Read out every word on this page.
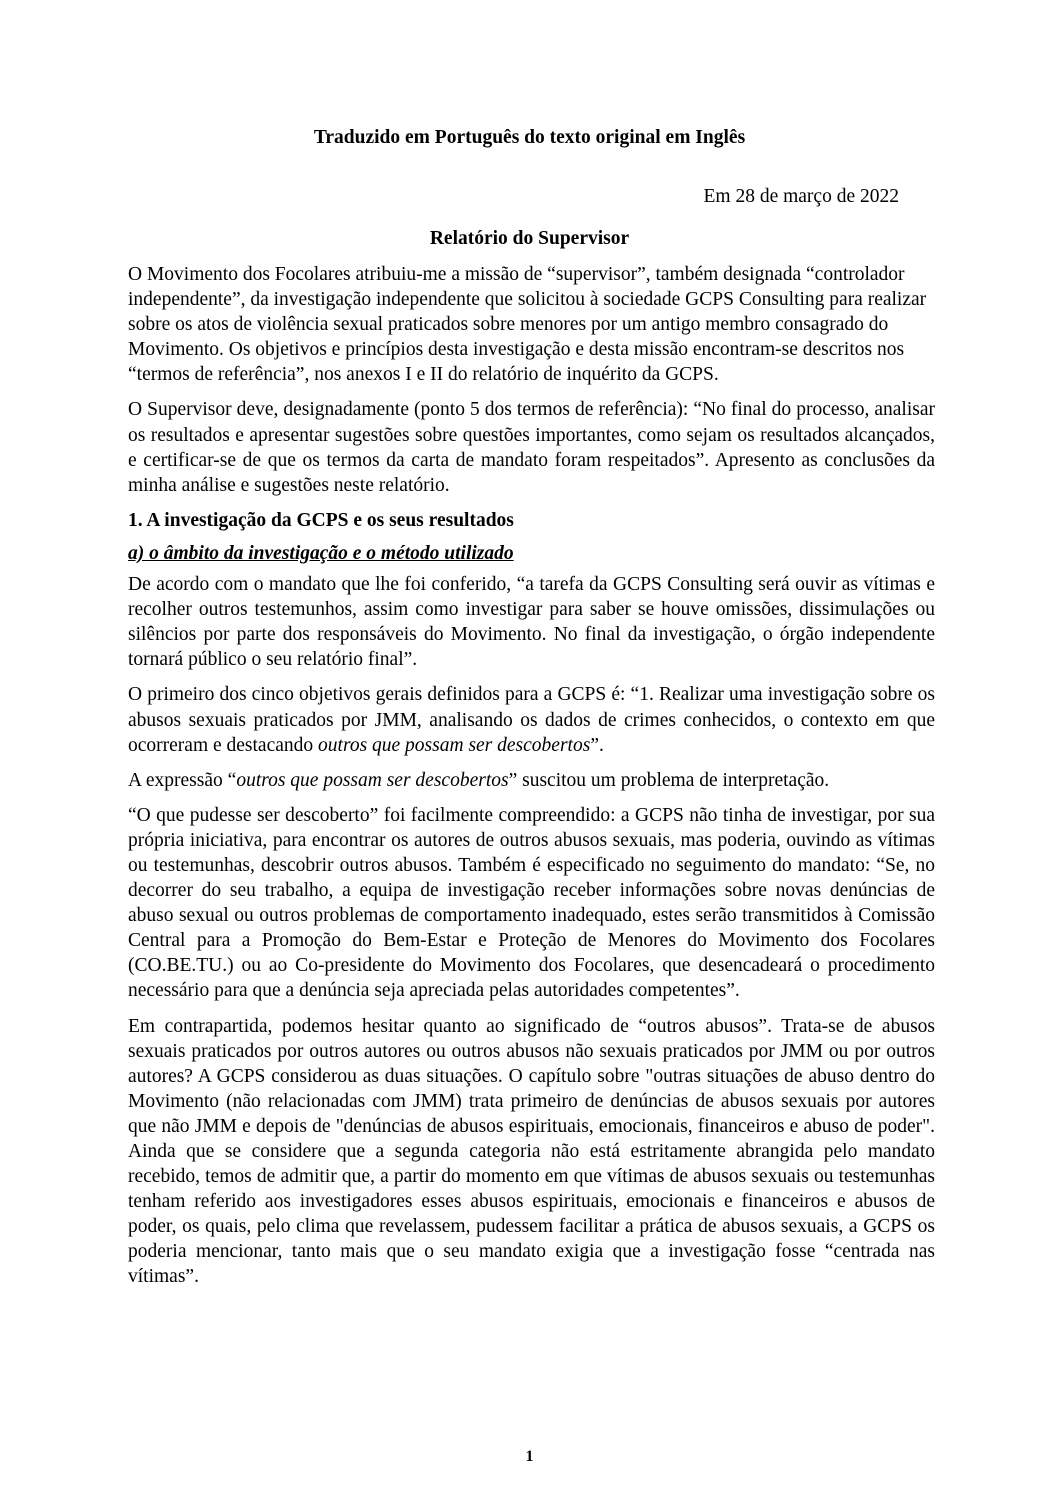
Traduzido em Português do texto original em Inglês

Em 28 de março de 2022

Relatório do Supervisor

O Movimento dos Focolares atribuiu-me a missão de “supervisor”, também designada “controlador independente”, da investigação independente que solicitou à sociedade GCPS Consulting para realizar sobre os atos de violência sexual praticados sobre menores por um antigo membro consagrado do Movimento. Os objetivos e princípios desta investigação e desta missão encontram-se descritos nos “termos de referência”, nos anexos I e II do relatório de inquérito da GCPS.

O Supervisor deve, designadamente (ponto 5 dos termos de referência): “No final do processo, analisar os resultados e apresentar sugestões sobre questões importantes, como sejam os resultados alcançados, e certificar-se de que os termos da carta de mandato foram respeitados”. Apresento as conclusões da minha análise e sugestões neste relatório.

1. A investigação da GCPS e os seus resultados
a) o âmbito da investigação e o método utilizado

De acordo com o mandato que lhe foi conferido, “a tarefa da GCPS Consulting será ouvir as vítimas e recolher outros testemunhos, assim como investigar para saber se houve omissões, dissimulações ou silêncios por parte dos responsáveis do Movimento. No final da investigação, o órgão independente tornará público o seu relatório final”.

O primeiro dos cinco objetivos gerais definidos para a GCPS é: “1. Realizar uma investigação sobre os abusos sexuais praticados por JMM, analisando os dados de crimes conhecidos, o contexto em que ocorreram e destacando outros que possam ser descobertos”.

A expressão “outros que possam ser descobertos” suscitou um problema de interpretação.

“O que pudesse ser descoberto” foi facilmente compreendido: a GCPS não tinha de investigar, por sua própria iniciativa, para encontrar os autores de outros abusos sexuais, mas poderia, ouvindo as vítimas ou testemunhas, descobrir outros abusos. Também é especificado no seguimento do mandato: “Se, no decorrer do seu trabalho, a equipa de investigação receber informações sobre novas denúncias de abuso sexual ou outros problemas de comportamento inadequado, estes serão transmitidos à Comissão Central para a Promoção do Bem-Estar e Proteção de Menores do Movimento dos Focolares (CO.BE.TU.) ou ao Co-presidente do Movimento dos Focolares, que desencadeará o procedimento necessário para que a denúncia seja apreciada pelas autoridades competentes”.

Em contrapartida, podemos hesitar quanto ao significado de “outros abusos”. Trata-se de abusos sexuais praticados por outros autores ou outros abusos não sexuais praticados por JMM ou por outros autores? A GCPS considerou as duas situações. O capítulo sobre "outras situações de abuso dentro do Movimento (não relacionadas com JMM) trata primeiro de denúncias de abusos sexuais por autores que não JMM e depois de "denúncias de abusos espirituais, emocionais, financeiros e abuso de poder". Ainda que se considere que a segunda categoria não está estritamente abrangida pelo mandato recebido, temos de admitir que, a partir do momento em que vítimas de abusos sexuais ou testemunhas tenham referido aos investigadores esses abusos espirituais, emocionais e financeiros e abusos de poder, os quais, pelo clima que revelassem, pudessem facilitar a prática de abusos sexuais, a GCPS os poderia mencionar, tanto mais que o seu mandato exigia que a investigação fosse “centrada nas vítimas”.

1
